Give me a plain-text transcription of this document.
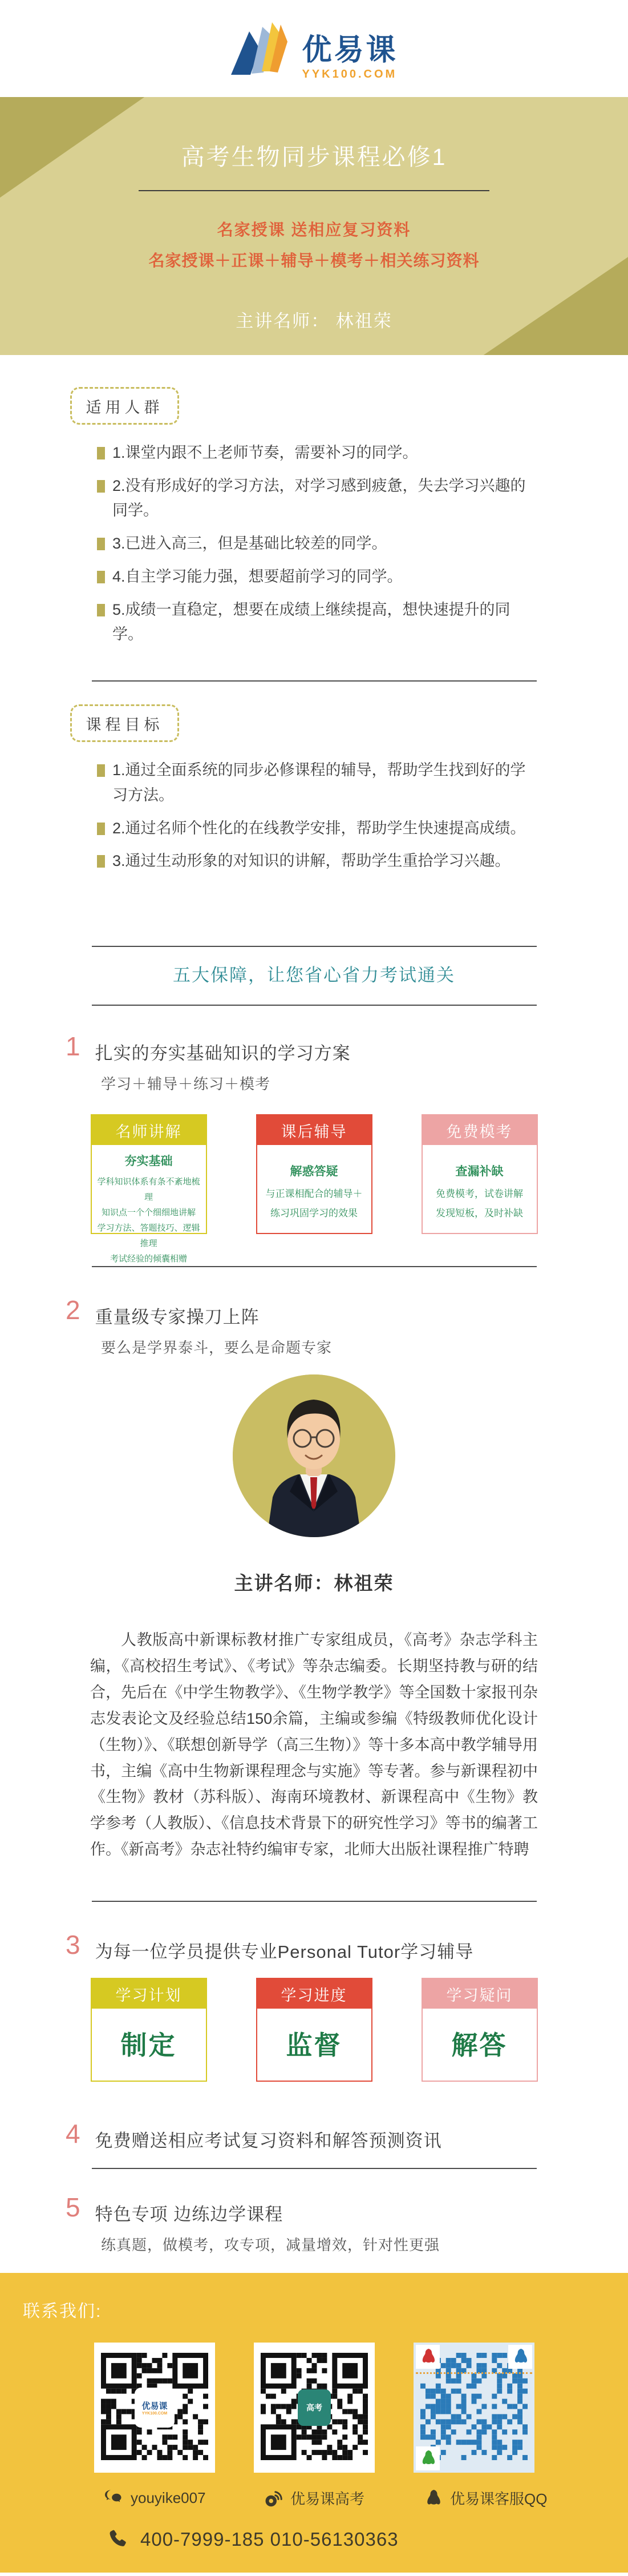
优易课
YYK100.COM
高考生物同步课程必修1
名家授课 送相应复习资料
名家授课＋正课＋辅导＋模考＋相关练习资料
主讲名师： 林祖荣
适用人群
1.课堂内跟不上老师节奏，需要补习的同学。
2.没有形成好的学习方法，对学习感到疲惫，失去学习兴趣的同学。
3.已进入高三，但是基础比较差的同学。
4.自主学习能力强，想要超前学习的同学。
5.成绩一直稳定，想要在成绩上继续提高，想快速提升的同学。
课程目标
1.通过全面系统的同步必修课程的辅导，帮助学生找到好的学习方法。
2.通过名师个性化的在线教学安排，帮助学生快速提高成绩。
3.通过生动形象的对知识的讲解，帮助学生重拾学习兴趣。
五大保障，让您省心省力考试通关
1 扎实的夯实基础知识的学习方案
学习＋辅导＋练习＋模考
名师讲解
夯实基础
学科知识体系有条不紊地梳理
知识点一个个细细地讲解
学习方法、答题技巧、逻辑推理
考试经验的倾囊相赠
课后辅导
解惑答疑
与正课相配合的辅导＋
练习巩固学习的效果
免费模考
查漏补缺
免费模考，试卷讲解
发现短板，及时补缺
2 重量级专家操刀上阵
要么是学界泰斗，要么是命题专家
主讲名师：林祖荣
人教版高中新课标教材推广专家组成员，《高考》杂志学科主编，《高校招生考试》、《考试》等杂志编委。长期坚持教与研的结合，先后在《中学生物教学》、《生物学教学》等全国数十家报刊杂志发表论文及经验总结150余篇，主编或参编《特级教师优化设计（生物）》、《联想创新导学（高三生物）》等十多本高中教学辅导用书，主编《高中生物新课程理念与实施》等专著。参与新课程初中《生物》教材（苏科版）、海南环境教材、新课程高中《生物》教学参考（人教版）、《信息技术背景下的研究性学习》等书的编著工作。《新高考》杂志社特约编审专家，北师大出版社课程推广特聘
3 为每一位学员提供专业Personal Tutor学习辅导
学习计划
制定
学习进度
监督
学习疑问
解答
4 免费赠送相应考试复习资料和解答预测资讯
5 特色专项 边练边学课程
练真题，做模考，攻专项，减量增效，针对性更强
联系我们:
优易课
YYK100.COM
youyike007
高考
优易课高考	优易课客服QQ
400-7999-185 010-56130363
